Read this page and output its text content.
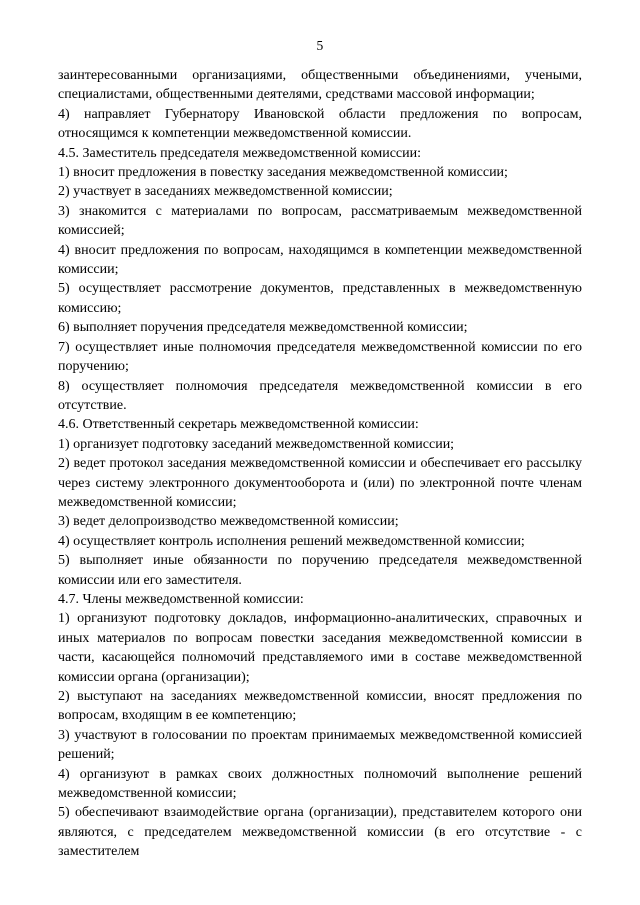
5

заинтересованными организациями, общественными объединениями, учеными, специалистами, общественными деятелями, средствами массовой информации;

4) направляет Губернатору Ивановской области предложения по вопросам, относящимся к компетенции межведомственной комиссии.

4.5. Заместитель председателя межведомственной комиссии:

1) вносит предложения в повестку заседания межведомственной комиссии;

2) участвует в заседаниях межведомственной комиссии;

3) знакомится с материалами по вопросам, рассматриваемым межведомственной комиссией;

4) вносит предложения по вопросам, находящимся в компетенции межведомственной комиссии;

5) осуществляет рассмотрение документов, представленных в межведомственную комиссию;

6) выполняет поручения председателя межведомственной комиссии;

7) осуществляет иные полномочия председателя межведомственной комиссии по его поручению;

8) осуществляет полномочия председателя межведомственной комиссии в его отсутствие.

4.6. Ответственный секретарь межведомственной комиссии:

1) организует подготовку заседаний межведомственной комиссии;

2) ведет протокол заседания межведомственной комиссии и обеспечивает его рассылку через систему электронного документооборота и (или) по электронной почте членам межведомственной комиссии;

3) ведет делопроизводство межведомственной комиссии;

4) осуществляет контроль исполнения решений межведомственной комиссии;

5) выполняет иные обязанности по поручению председателя межведомственной комиссии или его заместителя.

4.7. Члены межведомственной комиссии:

1) организуют подготовку докладов, информационно-аналитических, справочных и иных материалов по вопросам повестки заседания межведомственной комиссии в части, касающейся полномочий представляемого ими в составе межведомственной комиссии органа (организации);

2) выступают на заседаниях межведомственной комиссии, вносят предложения по вопросам, входящим в ее компетенцию;

3) участвуют в голосовании по проектам принимаемых межведомственной комиссией решений;

4) организуют в рамках своих должностных полномочий выполнение решений межведомственной комиссии;

5) обеспечивают взаимодействие органа (организации), представителем которого они являются, с председателем межведомственной комиссии (в его отсутствие - с заместителем
